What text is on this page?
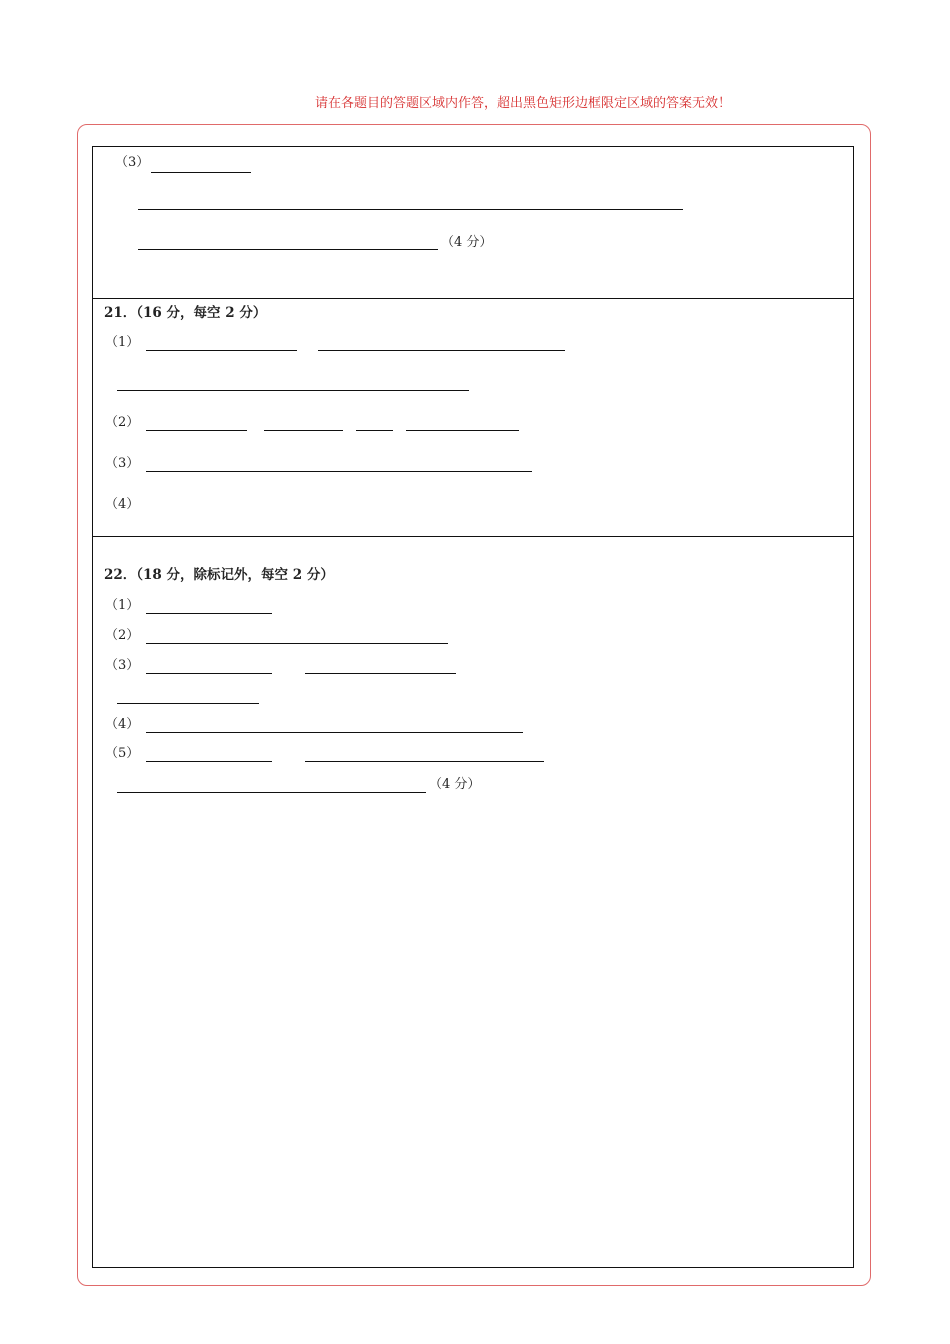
请在各题目的答题区域内作答，超出黑色矩形边框限定区域的答案无效！
（3）
（4 分）
21．（16 分，每空 2 分）
（1）
（2）
（3）
（4）
22．（18 分，除标记外，每空 2 分）
（1）
（2）
（3）
（4）
（5）
（4 分）
